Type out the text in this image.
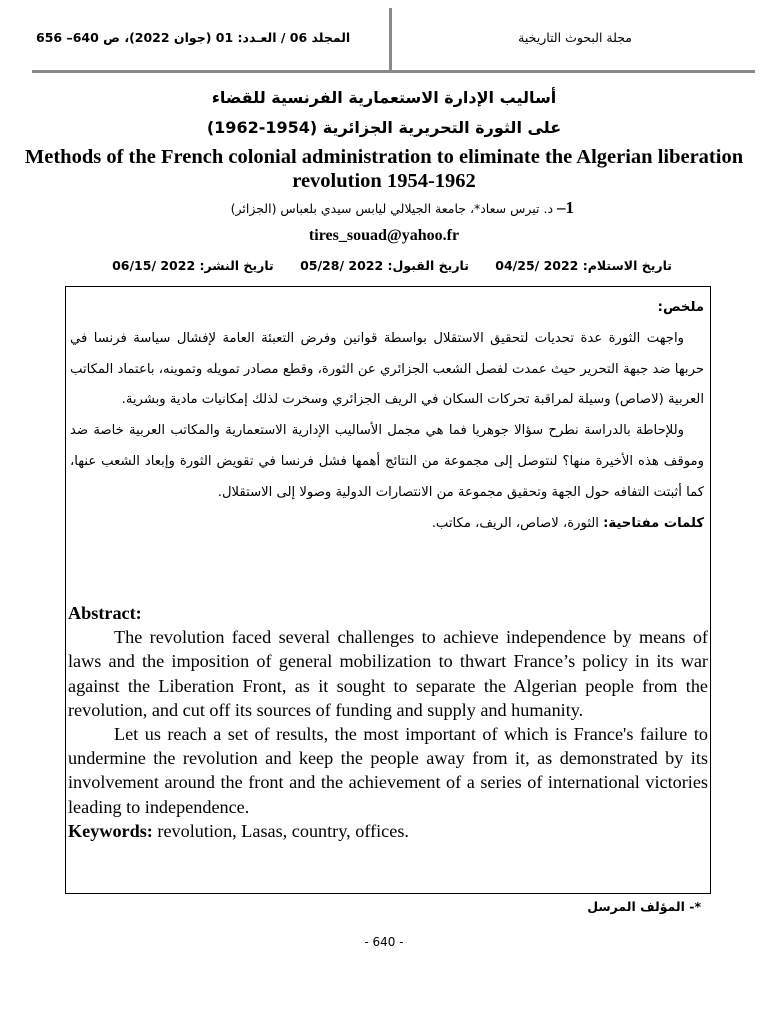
المجلد 06 / العـدد: 01 (جوان 2022)، ص 640– 656	مجلة البحوث التاريخية
أساليب الإدارة الاستعمارية الفرنسية للقضاء
على الثورة التحريرية الجزائرية (1954-1962)
Methods of the French colonial administration to eliminate the Algerian liberation revolution 1954-1962
1– د. تيرس سعاد*، جامعة الجيلالي ليابس سيدي بلعباس (الجزائر)
tires_souad@yahoo.fr
تاريخ الاستلام: 2022 /04/25 تاريخ القبول: 2022 /05/28 تاريخ النشر: 2022 /06/15
ملخص:

واجهت الثورة عدة تحديات لتحقيق الاستقلال بواسطة قوانين وفرض التعبئة العامة لإفشال سياسة فرنسا في حربها ضد جبهة التحرير حيث عمدت لفصل الشعب الجزائري عن الثورة، وقطع مصادر تمويله وتموينه، باعتماد المكاتب العربية (لاصاص) وسيلة لمراقبة تحركات السكان في الريف الجزائري وسخرت لذلك إمكانيات مادية وبشرية.

وللإحاطة بالدراسة نطرح سؤالا جوهريا فما هي مجمل الأساليب الإدارية الاستعمارية والمكاتب العربية خاصة ضد وموقف هذه الأخيرة منها؟ لنتوصل إلى مجموعة من النتائج أهمها فشل فرنسا في تقويض الثورة وإبعاد الشعب عنها، كما أثبتت التفافه حول الجهة وتحقيق مجموعة من الانتصارات الدولية وصولا إلى الاستقلال.

كلمات مفتاحية: الثورة، لاصاص، الريف، مكاتب.
Abstract:

The revolution faced several challenges to achieve independence by means of laws and the imposition of general mobilization to thwart France’s policy in its war against the Liberation Front, as it sought to separate the Algerian people from the revolution, and cut off its sources of funding and supply and humanity.

Let us reach a set of results, the most important of which is France's failure to undermine the revolution and keep the people away from it, as demonstrated by its involvement around the front and the achievement of a series of international victories leading to independence.

Keywords: revolution, Lasas, country, offices.
*- المؤلف المرسل
- 640 -
